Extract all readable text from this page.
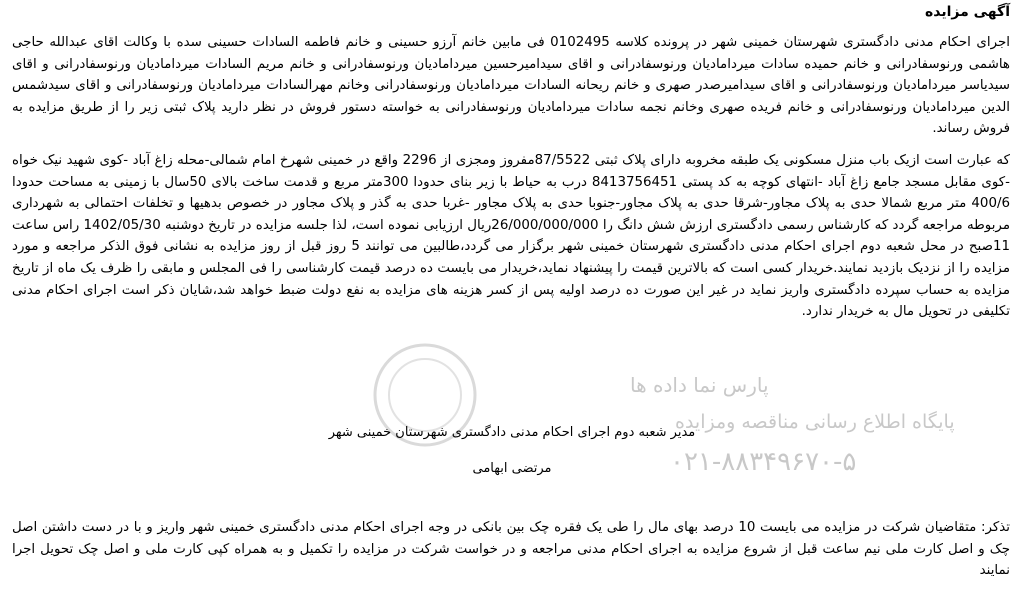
پارس نما داده ها
پایگاه اطلاع رسانی مناقصه ومزایده
۰۲۱-۸۸۳۴۹۶۷۰-۵
آگهی مزایده
اجرای احکام مدنی دادگستری شهرستان خمینی شهر در پرونده کلاسه 0102495 فی مابین خانم آرزو حسینی و خانم فاطمه السادات حسینی سده با وکالت اقای عبدالله حاجی هاشمی ورنوسفادرانی و خانم حمیده سادات میردامادیان ورنوسفادرانی و اقای سیدامیرحسین میردامادیان ورنوسفادرانی و خانم مریم السادات میردامادیان ورنوسفادرانی و اقای سیدیاسر میردامادیان ورنوسفادرانی و اقای سیدامیرصدر صهری و خانم ریحانه السادات میردامادیان ورنوسفادرانی وخانم مهرالسادات میردامادیان ورنوسفادرانی و اقای سیدشمس الدین میردامادیان ورنوسفادرانی و خانم فریده صهری وخانم نجمه سادات میردامادیان ورنوسفادرانی به خواسته دستور فروش در نظر دارید پلاک ثبتی زیر را از طریق مزایده به فروش رساند.
که عبارت است ازیک باب منزل مسکونی یک طبقه مخروبه دارای پلاک ثبتی 87/5522مفروز ومجزی از 2296 واقع در خمینی شهرخ امام شمالی-محله زاغ آباد -کوی شهید نیک خواه -کوی مقابل مسجد جامع زاغ آباد -انتهای کوچه به کد پستی 8413756451 درب به حیاط با زیر بنای حدودا 300متر مربع و قدمت ساخت بالای 50سال با زمینی به مساحت حدودا 400/6 متر مربع شمالا حدی به پلاک مجاور-شرقا حدی به پلاک مجاور-جنوبا حدی به پلاک مجاور -غربا حدی به گذر و پلاک مجاور در خصوص بدهیها و تخلفات احتمالی به شهرداری مربوطه مراجعه گردد که کارشناس رسمی دادگستری ارزش شش دانگ را 26/000/000/000ریال ارزیابی نموده است، لذا جلسه مزایده در تاریخ دوشنبه 1402/05/30 راس ساعت 11صبح در محل شعبه دوم اجرای احکام مدنی دادگستری شهرستان خمینی شهر برگزار می گردد،طالبین می توانند 5 روز قبل از روز مزایده به نشانی فوق الذکر مراجعه و مورد مزایده را از نزدیک بازدید نمایند.خریدار کسی است که بالاترین قیمت را پیشنهاد نماید،خریدار می بایست ده درصد قیمت کارشناسی را فی المجلس و مابقی را ظرف یک ماه از تاریخ مزایده به حساب سپرده دادگستری واریز نماید در غیر این صورت ده درصد اولیه پس از کسر هزینه های مزایده به نفع دولت ضبط خواهد شد،شایان ذکر است اجرای احکام مدنی تکلیفی در تحویل مال به خریدار ندارد.
مدیر شعبه دوم اجرای احکام مدنی دادگستری شهرستان خمینی شهر
مرتضی ابهامی
تذکر: متقاضیان شرکت در مزایده می بایست 10 درصد بهای مال را طی یک فقره چک بین بانکی در وجه اجرای احکام مدنی دادگستری خمینی شهر واریز و با در دست داشتن اصل چک و اصل کارت ملی نیم ساعت قبل از شروع مزایده به اجرای احکام مدنی مراجعه و در خواست شرکت در مزایده را تکمیل و به همراه کپی کارت ملی و اصل چک تحویل اجرا نمایند
